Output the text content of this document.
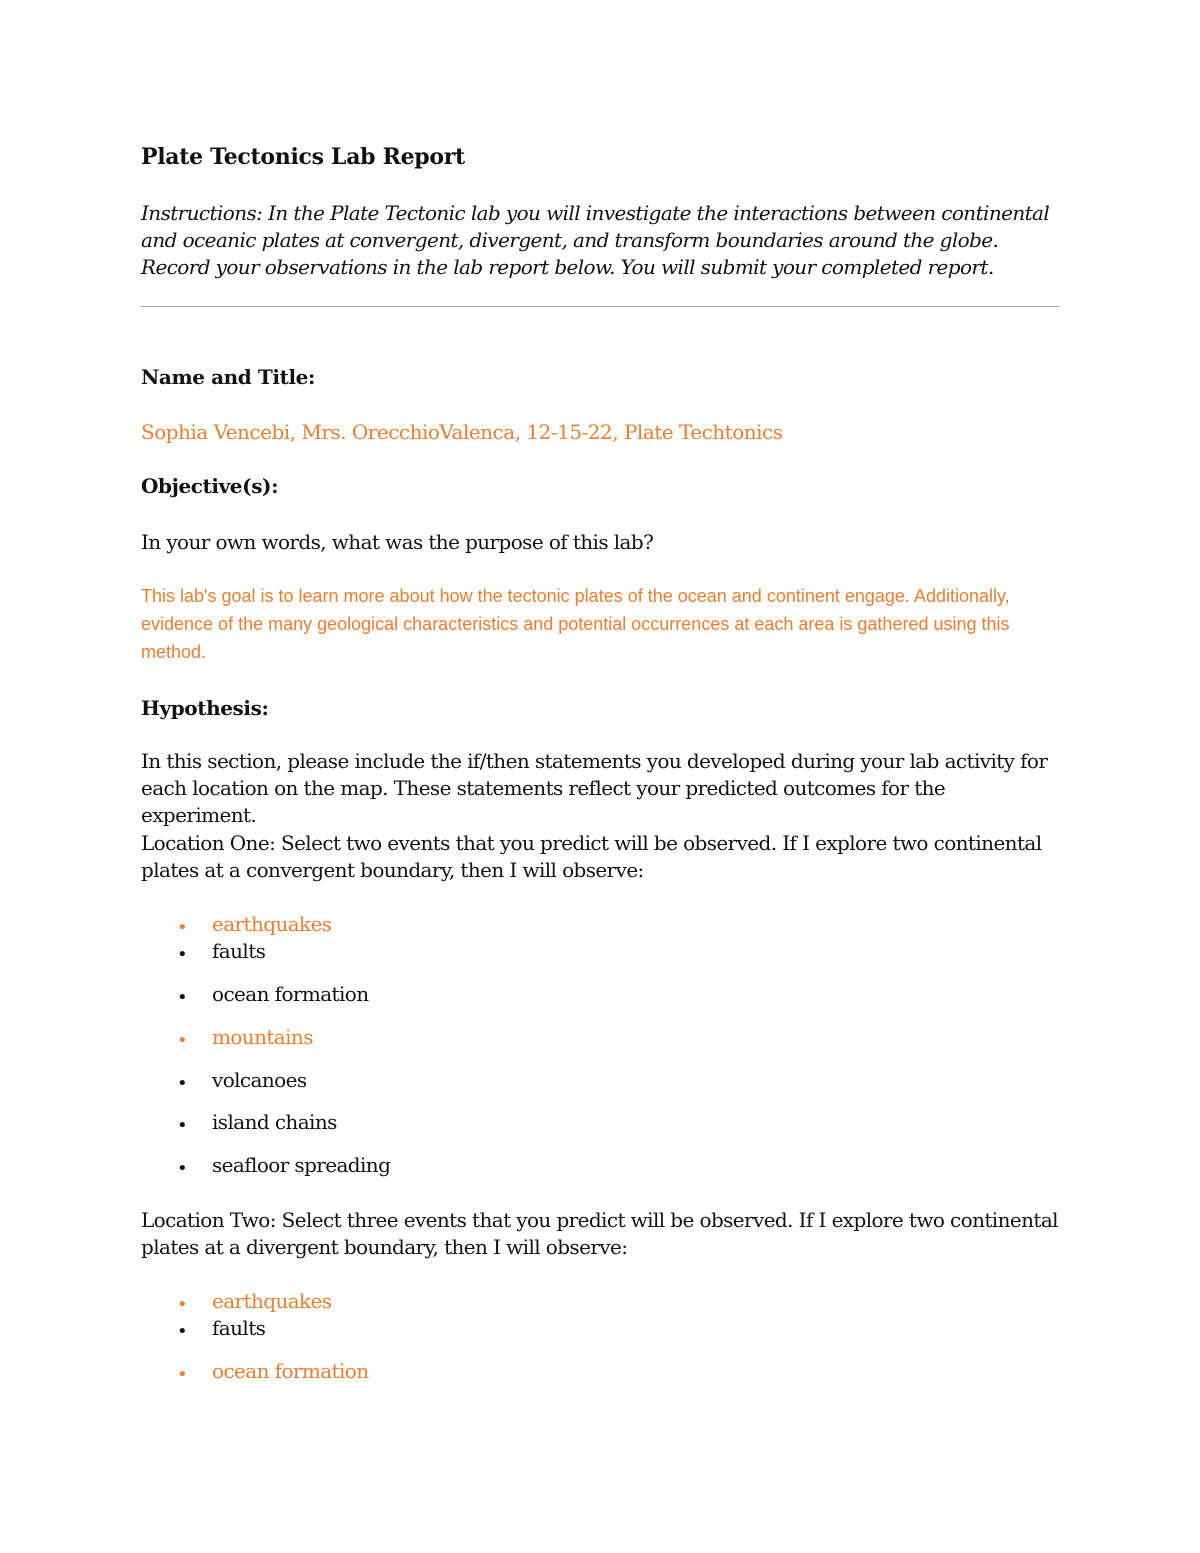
Plate Tectonics Lab Report
Instructions: In the Plate Tectonic lab you will investigate the interactions between continental and oceanic plates at convergent, divergent, and transform boundaries around the globe. Record your observations in the lab report below. You will submit your completed report.
Name and Title:
Sophia Vencebi, Mrs. OrecchioValenca, 12-15-22, Plate Techtonics
Objective(s):
In your own words, what was the purpose of this lab?
This lab's goal is to learn more about how the tectonic plates of the ocean and continent engage. Additionally, evidence of the many geological characteristics and potential occurrences at each area is gathered using this method.
Hypothesis:
In this section, please include the if/then statements you developed during your lab activity for each location on the map. These statements reflect your predicted outcomes for the experiment.
Location One: Select two events that you predict will be observed. If I explore two continental plates at a convergent boundary, then I will observe:
• earthquakes
• faults
• ocean formation
• mountains
• volcanoes
• island chains
• seafloor spreading
Location Two: Select three events that you predict will be observed. If I explore two continental plates at a divergent boundary, then I will observe:
• earthquakes
• faults
• ocean formation
